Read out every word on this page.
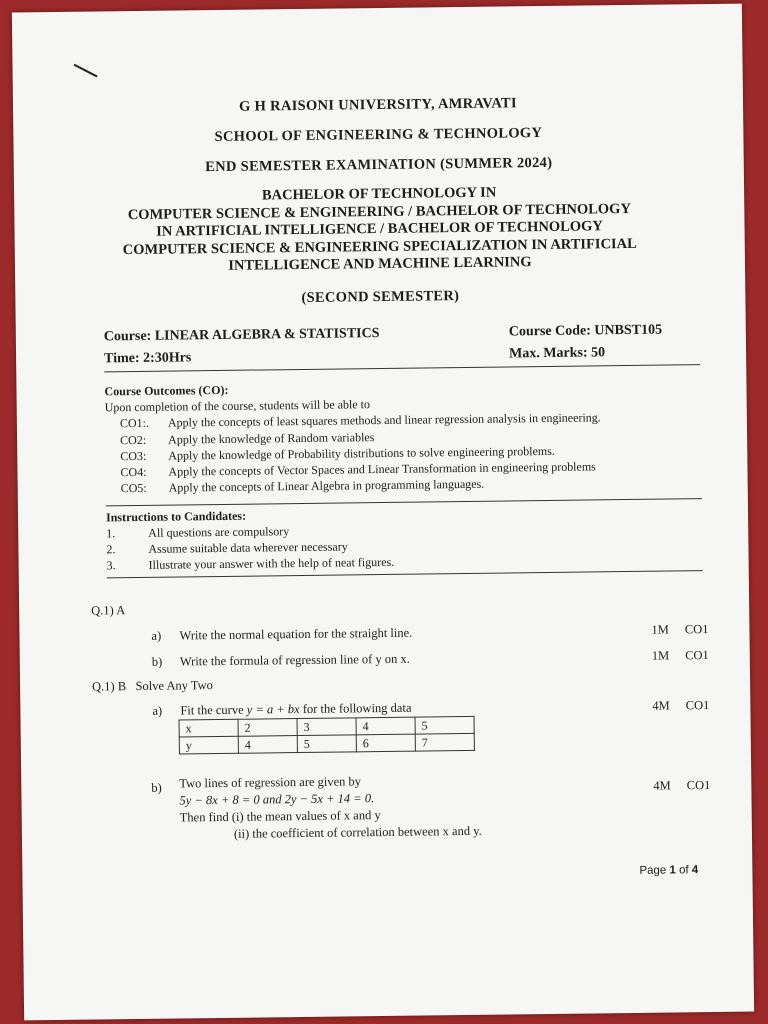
G H RAISONI UNIVERSITY, AMRAVATI
SCHOOL OF ENGINEERING & TECHNOLOGY
END SEMESTER EXAMINATION (SUMMER 2024)
BACHELOR OF TECHNOLOGY IN
COMPUTER SCIENCE & ENGINEERING / BACHELOR OF TECHNOLOGY
IN ARTIFICIAL INTELLIGENCE / BACHELOR OF TECHNOLOGY
COMPUTER SCIENCE & ENGINEERING SPECIALIZATION IN ARTIFICIAL
INTELLIGENCE AND MACHINE LEARNING
(SECOND SEMESTER)
Course: LINEAR ALGEBRA & STATISTICS	Course Code: UNBST105
Time: 2:30Hrs	Max. Marks: 50
Course Outcomes (CO):
Upon completion of the course, students will be able to
CO1:.	Apply the concepts of least squares methods and linear regression analysis in engineering.
CO2:	Apply the knowledge of Random variables
CO3:	Apply the knowledge of Probability distributions to solve engineering problems.
CO4:	Apply the concepts of Vector Spaces and Linear Transformation in engineering problems
CO5:	Apply the concepts of Linear Algebra in programming languages.
Instructions to Candidates:
1.	All questions are compulsory
2.	Assume suitable data wherever necessary
3.	Illustrate your answer with the help of neat figures.
Q.1) A
a) Write the normal equation for the straight line.	1M CO1
b) Write the formula of regression line of y on x.	1M CO1
Q.1) B Solve Any Two
a) Fit the curve y = a + bx for the following data	4M CO1
x	2	3	4	5
y	4	5	6	7
b) Two lines of regression are given by
5y − 8x + 8 = 0 and 2y − 5x + 14 = 0.
Then find (i) the mean values of x and y
(ii) the coefficient of correlation between x and y.
4M CO1
Page 1 of 4
